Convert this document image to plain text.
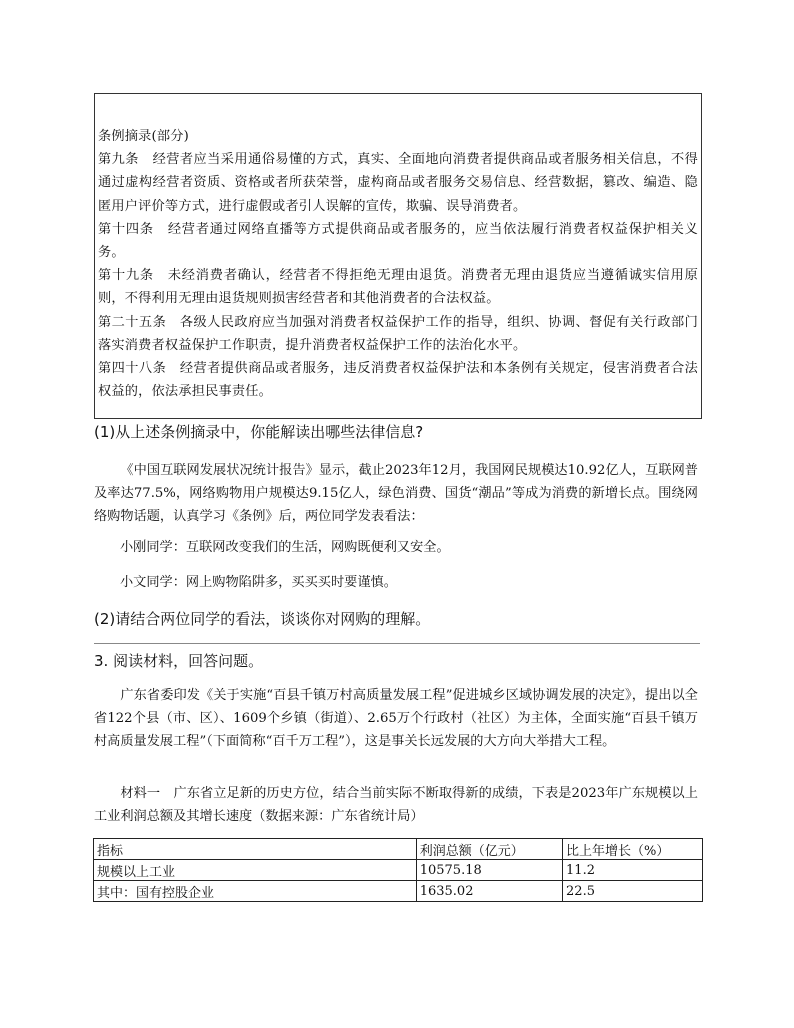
条例摘录(部分)

第九条　经营者应当采用通俗易懂的方式，真实、全面地向消费者提供商品或者服务相关信息，不得通过虚构经营者资质、资格或者所获荣誉，虚构商品或者服务交易信息、经营数据，篡改、编造、隐匿用户评价等方式，进行虚假或者引人误解的宣传，欺骗、误导消费者。

第十四条　经营者通过网络直播等方式提供商品或者服务的，应当依法履行消费者权益保护相关义务。

第十九条　未经消费者确认，经营者不得拒绝无理由退货。消费者无理由退货应当遵循诚实信用原则，不得利用无理由退货规则损害经营者和其他消费者的合法权益。

第二十五条　各级人民政府应当加强对消费者权益保护工作的指导，组织、协调、督促有关行政部门落实消费者权益保护工作职责，提升消费者权益保护工作的法治化水平。

第四十八条　经营者提供商品或者服务，违反消费者权益保护法和本条例有关规定，侵害消费者合法权益的，依法承担民事责任。

(1)从上述条例摘录中，你能解读出哪些法律信息?

《中国互联网发展状况统计报告》显示，截止2023年12月，我国网民规模达10.92亿人，互联网普及率达77.5%，网络购物用户规模达9.15亿人，绿色消费、国货“潮品”等成为消费的新增长点。围绕网络购物话题，认真学习《条例》后，两位同学发表看法：

小刚同学：互联网改变我们的生活，网购既便利又安全。

小文同学：网上购物陷阱多，买买买时要谨慎。

(2)请结合两位同学的看法，谈谈你对网购的理解。
3. 阅读材料，回答问题。

广东省委印发《关于实施“百县千镇万村高质量发展工程”促进城乡区域协调发展的决定》，提出以全省122个县（市、区）、1609个乡镇（街道）、2.65万个行政村（社区）为主体，全面实施“百县千镇万村高质量发展工程”（下面简称“百千万工程”），这是事关长远发展的大方向大举措大工程。

材料一　广东省立足新的历史方位，结合当前实际不断取得新的成绩，下表是2023年广东规模以上工业利润总额及其增长速度（数据来源：广东省统计局）

指标	利润总额（亿元）	比上年增长（%）
规模以上工业	10575.18	11.2
其中：国有控股企业	1635.02	22.5
